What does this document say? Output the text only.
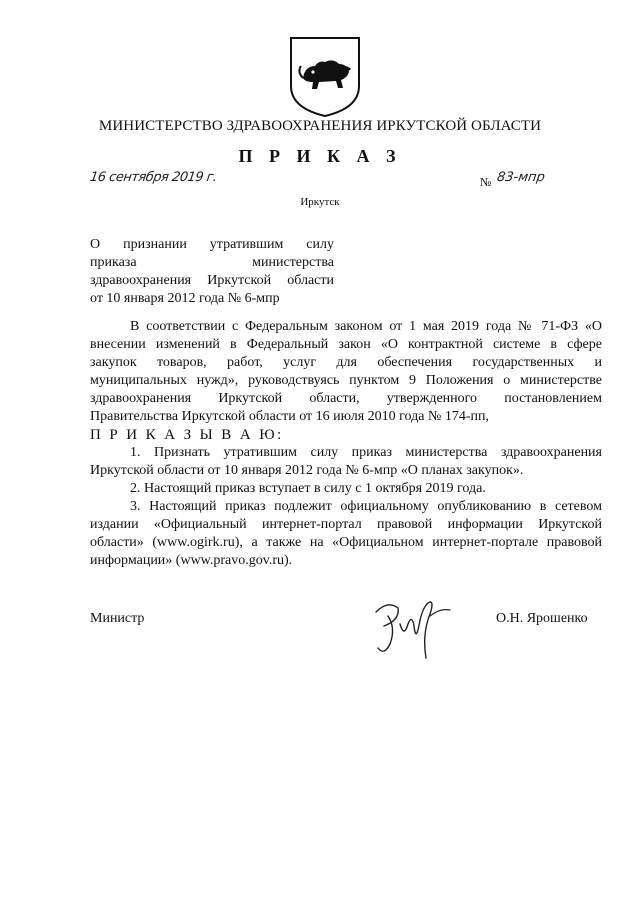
МИНИСТЕРСТВО ЗДРАВООХРАНЕНИЯ ИРКУТСКОЙ ОБЛАСТИ
П Р И К А З
16 сентября 2019 г.	№ 83-мпр
Иркутск
О признании утратившим силу
приказа министерства
здравоохранения Иркутской области
от 10 января 2012 года № 6-мпр
В соответствии с Федеральным законом от 1 мая 2019 года № 71-ФЗ «О
внесении изменений в Федеральный закон «О контрактной системе в сфере
закупок товаров, работ, услуг для обеспечения государственных и
муниципальных нужд», руководствуясь пунктом 9 Положения о министерстве
здравоохранения Иркутской области, утвержденного постановлением
Правительства Иркутской области от 16 июля 2010 года № 174-пп,
П Р И К А З Ы В А Ю:
1. Признать утратившим силу приказ министерства здравоохранения
Иркутской области от 10 января 2012 года № 6-мпр «О планах закупок».
2. Настоящий приказ вступает в силу с 1 октября 2019 года.
3. Настоящий приказ подлежит официальному опубликованию в сетевом
издании «Официальный интернет-портал правовой информации Иркутской
области» (www.ogirk.ru), а также на «Официальном интернет-портале правовой
информации» (www.pravo.gov.ru).
Министр	О.Н. Ярошенко
